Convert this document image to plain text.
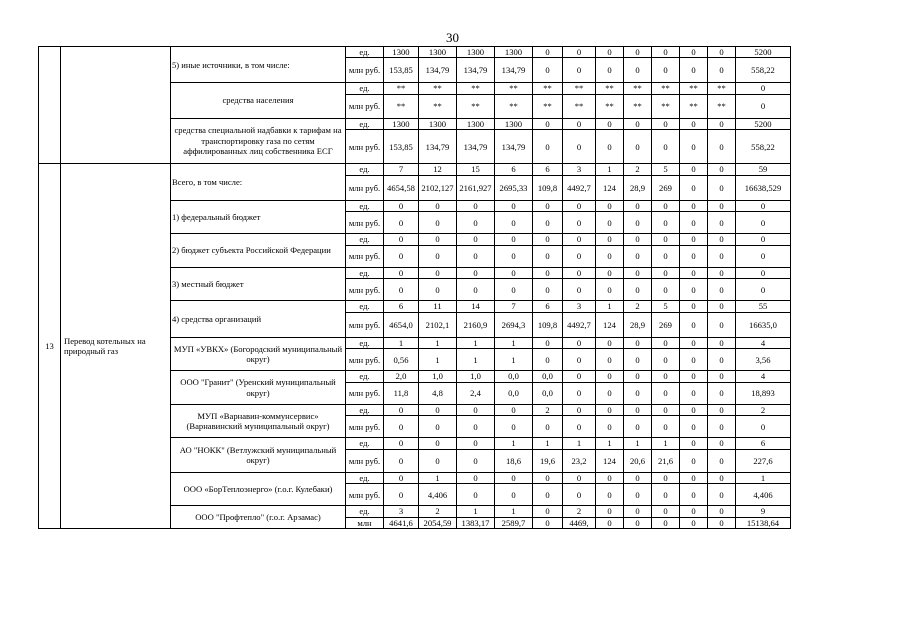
30
		5) иные источники, в том числе:	ед.	1300	1300	1300	1300	0	0	0	0	0	0	0	5200
			млн руб.	153,85	134,79	134,79	134,79	0	0	0	0	0	0	0	558,22
		средства населения	ед.	**	**	**	**	**	**	**	**	**	**	**	0
			млн руб.	**	**	**	**	**	**	**	**	**	**	**	0
		средства специальной надбавки к тарифам на транспортировку газа по сетям аффилированных лиц собственника ЕСГ	ед.	1300	1300	1300	1300	0	0	0	0	0	0	0	5200
			млн руб.	153,85	134,79	134,79	134,79	0	0	0	0	0	0	0	558,22
13	Перевод котельных на природный газ	Всего, в том числе:	ед.	7	12	15	6	6	3	1	2	5	0	0	59
			млн руб.	4654,58	2102,127	2161,927	2695,33	109,8	4492,7	124	28,9	269	0	0	16638,529
		1) федеральный бюджет	ед.	0	0	0	0	0	0	0	0	0	0	0	0
			млн руб.	0	0	0	0	0	0	0	0	0	0	0	0
		2) бюджет субъекта Российской Федерации	ед.	0	0	0	0	0	0	0	0	0	0	0	0
			млн руб.	0	0	0	0	0	0	0	0	0	0	0	0
		3) местный бюджет	ед.	0	0	0	0	0	0	0	0	0	0	0	0
			млн руб.	0	0	0	0	0	0	0	0	0	0	0	0
		4) средства организаций	ед.	6	11	14	7	6	3	1	2	5	0	0	55
			млн руб.	4654,0	2102,1	2160,9	2694,3	109,8	4492,7	124	28,9	269	0	0	16635,0
		МУП «УВКХ» (Богородский муниципальный округ)	ед.	1	1	1	1	0	0	0	0	0	0	0	4
			млн руб.	0,56	1	1	1	0	0	0	0	0	0	0	3,56
		ООО "Гранит" (Уренский муниципальный округ)	ед.	2,0	1,0	1,0	0,0	0,0	0	0	0	0	0	0	4
			млн руб.	11,8	4,8	2,4	0,0	0,0	0	0	0	0	0	0	18,893
		МУП «Варнавин-коммунсервис» (Варнавинский муниципальный округ)	ед.	0	0	0	0	2	0	0	0	0	0	0	2
			млн руб.	0	0	0	0	0	0	0	0	0	0	0	0
		АО "НОКК" (Ветлужский муниципальный округ)	ед.	0	0	0	1	1	1	1	1	1	0	0	6
			млн руб.	0	0	0	18,6	19,6	23,2	124	20,6	21,6	0	0	227,6
		ООО «БорТеплоэнерго» (г.о.г. Кулебаки)	ед.	0	1	0	0	0	0	0	0	0	0	0	1
			млн руб.	0	4,406	0	0	0	0	0	0	0	0	0	4,406
		ООО "Профтепло" (г.о.г. Арзамас)	ед.	3	2	1	1	0	2	0	0	0	0	0	9
			млн	4641,6	2054,59	1383,17	2589,7	0	4469,	0	0	0	0	0	15138,64
